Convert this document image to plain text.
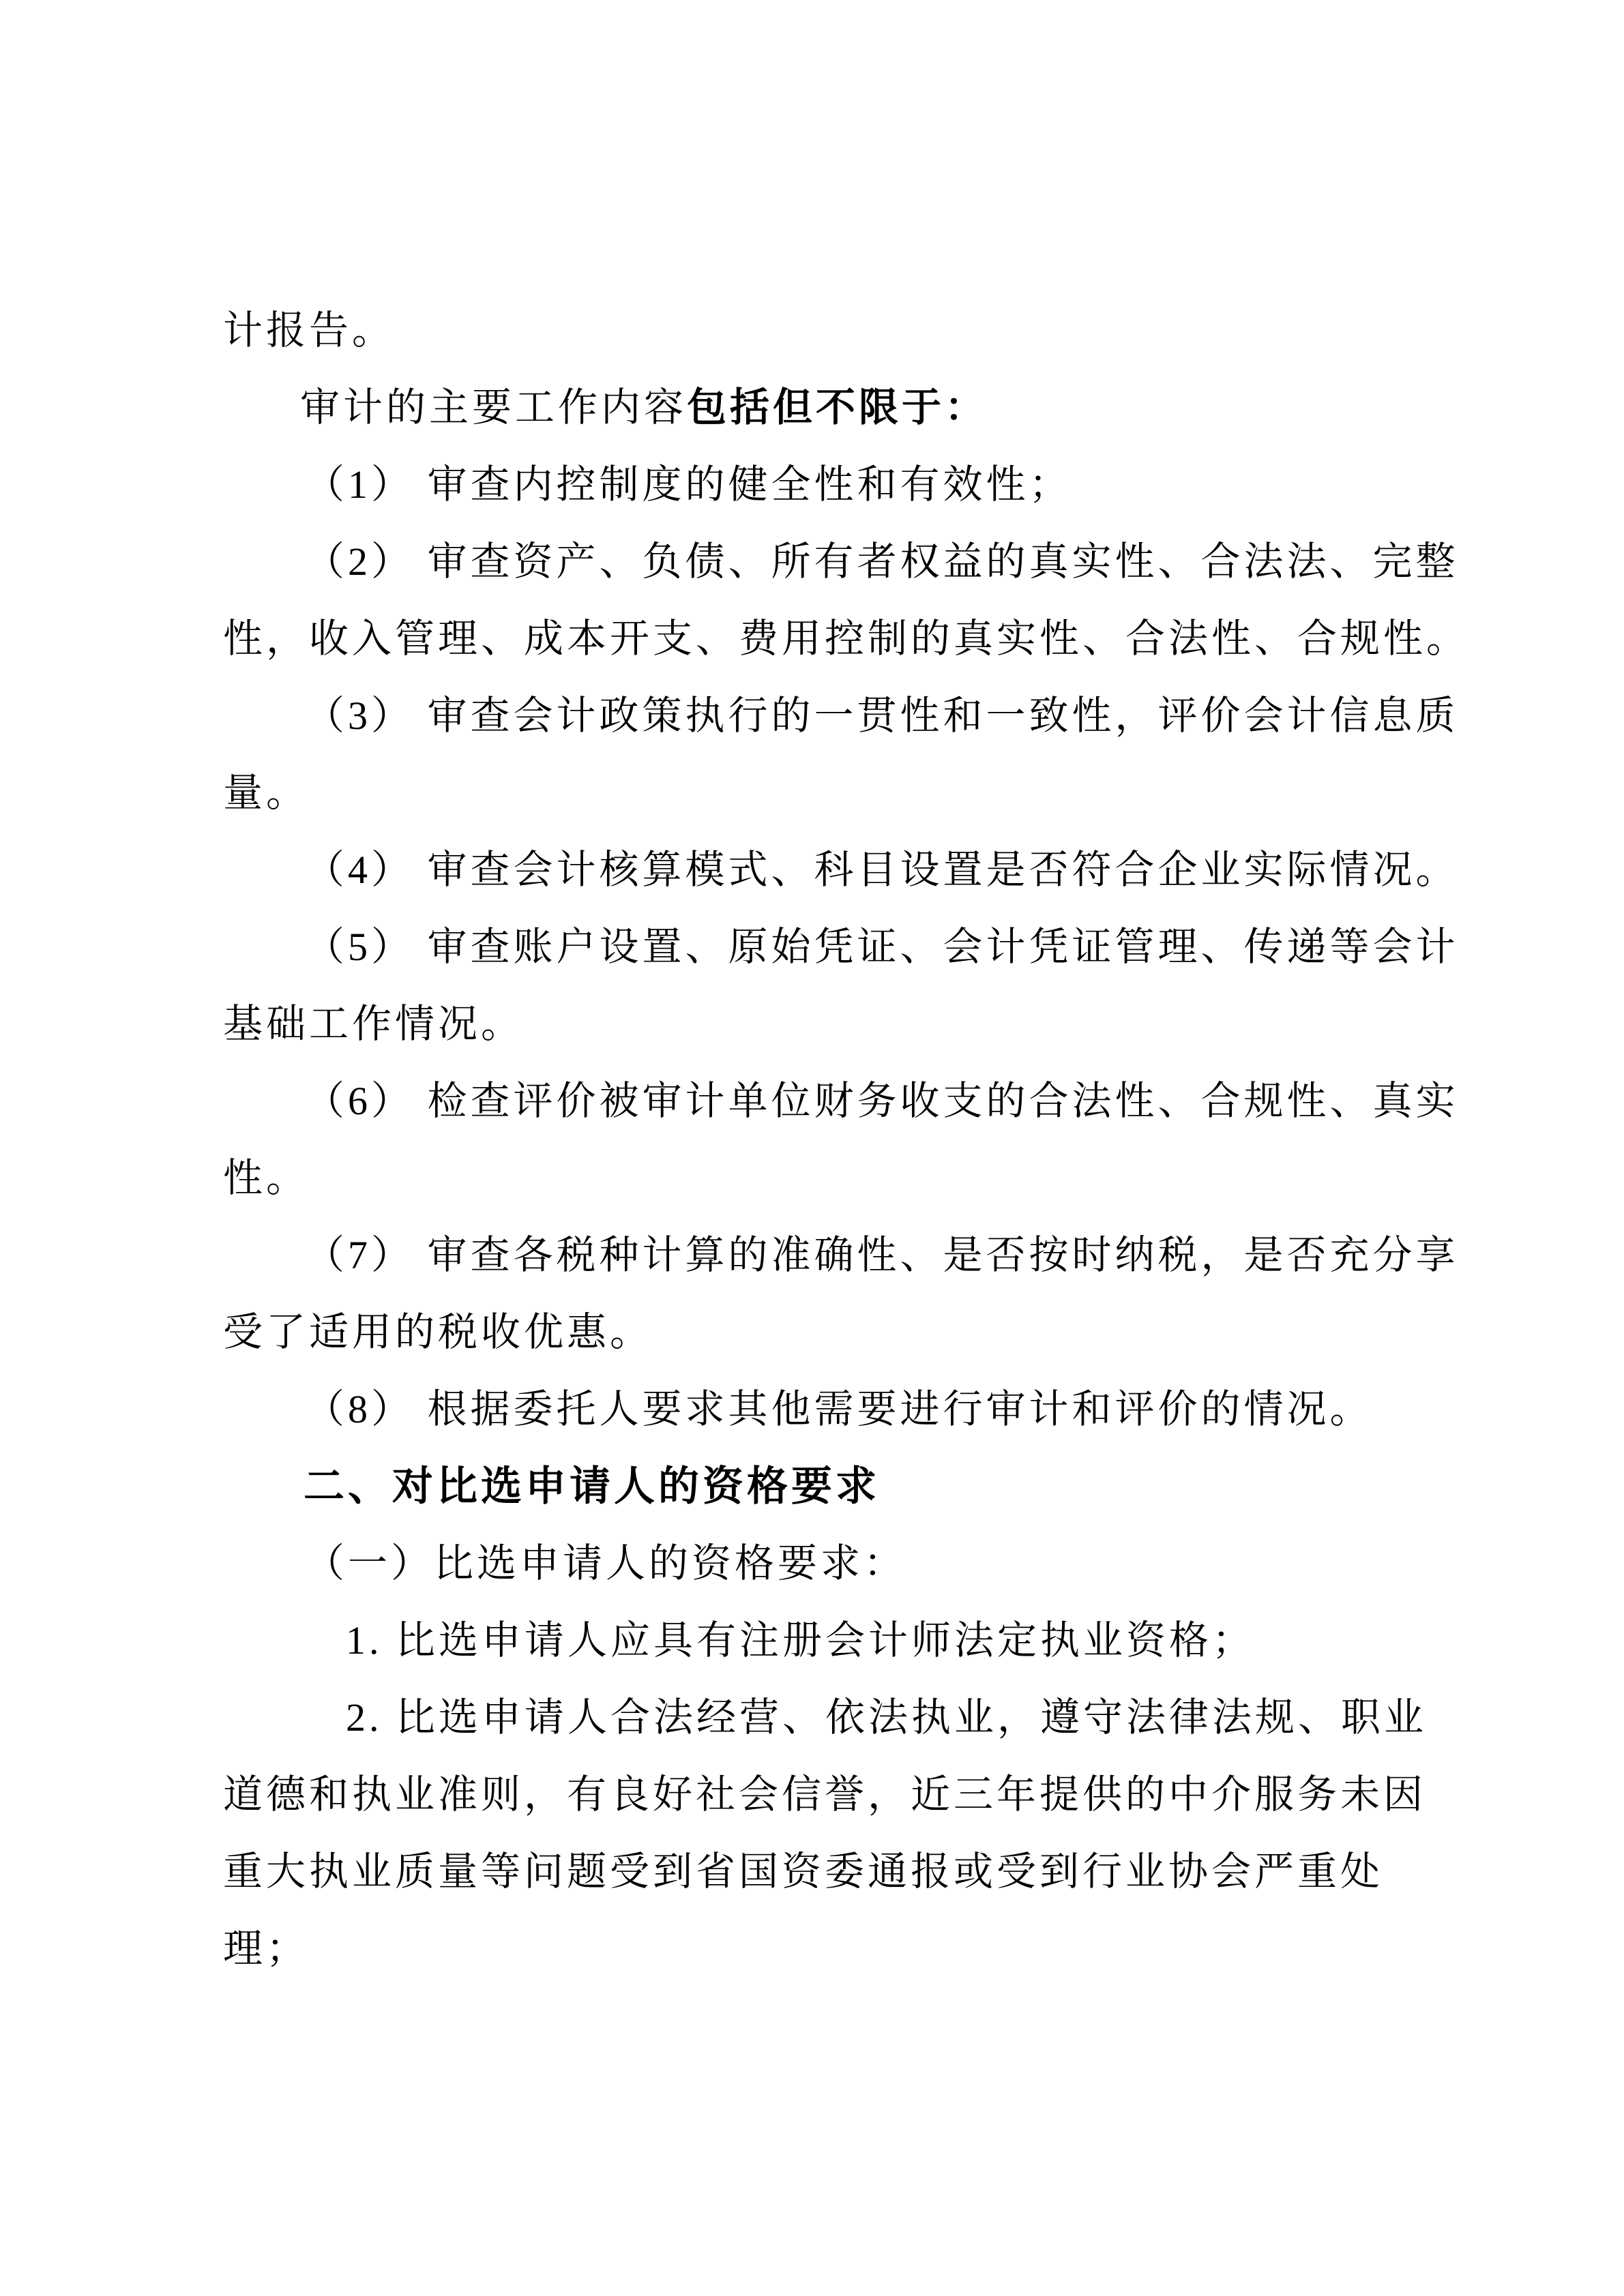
计报告。
审计的主要工作内容包括但不限于：
（1） 审查内控制度的健全性和有效性；
（2） 审查资产、负债、所有者权益的真实性、合法法、完整
性，收入管理、成本开支、费用控制的真实性、合法性、合规性。
（3） 审查会计政策执行的一贯性和一致性，评价会计信息质
量。
（4） 审查会计核算模式、科目设置是否符合企业实际情况。
（5） 审查账户设置、原始凭证、会计凭证管理、传递等会计
基础工作情况。
（6） 检查评价被审计单位财务收支的合法性、合规性、真实
性。
（7） 审查各税种计算的准确性、是否按时纳税，是否充分享
受了适用的税收优惠。
（8） 根据委托人要求其他需要进行审计和评价的情况。
二、对比选申请人的资格要求
（一）比选申请人的资格要求：
1. 比选申请人应具有注册会计师法定执业资格；
2. 比选申请人合法经营、依法执业，遵守法律法规、职业
道德和执业准则，有良好社会信誉，近三年提供的中介服务未因
重大执业质量等问题受到省国资委通报或受到行业协会严重处
理；
